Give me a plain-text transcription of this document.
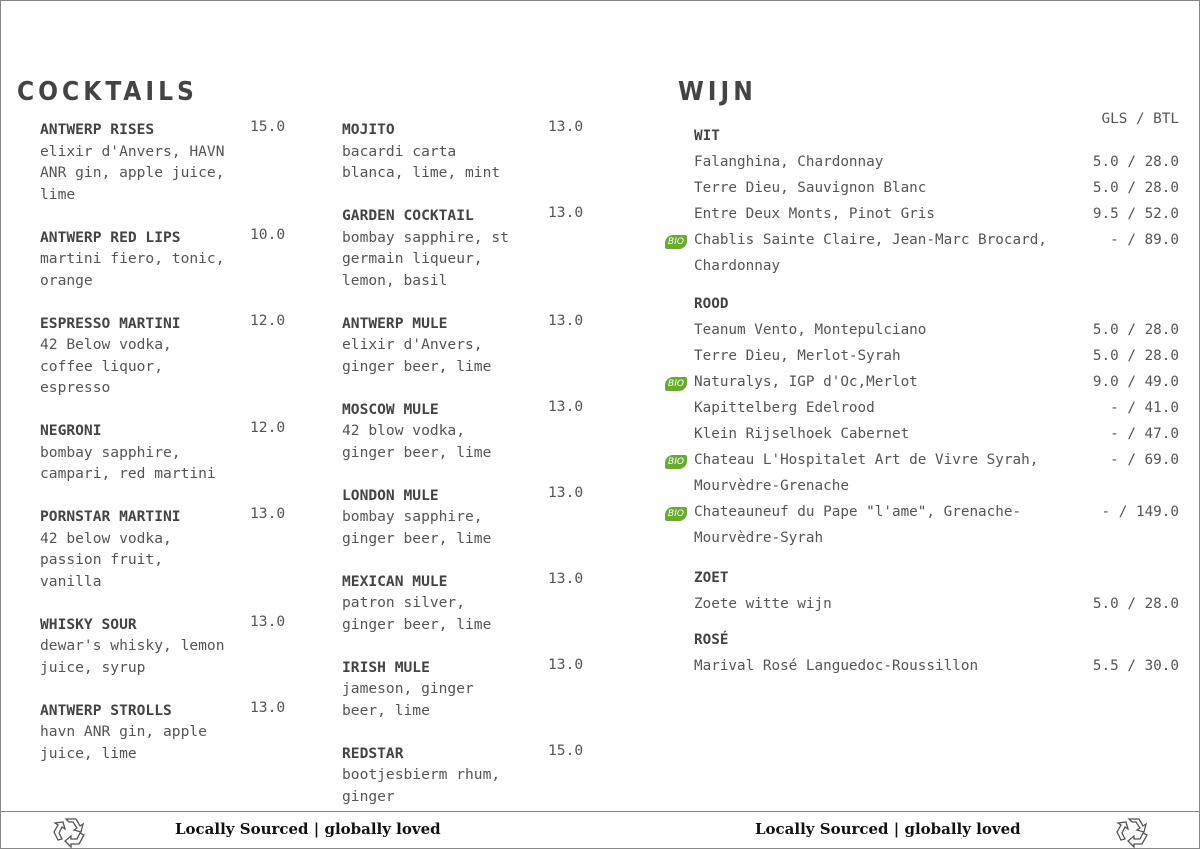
COCKTAILS
ANTWERP RISES	15.0
elixir d'Anvers, HAVN ANR gin, apple juice, lime
ANTWERP RED LIPS	10.0
martini fiero, tonic, orange
ESPRESSO MARTINI	12.0
42 Below vodka, coffee liquor, espresso
NEGRONI	12.0
bombay sapphire, campari, red martini
PORNSTAR MARTINI	13.0
42 below vodka, passion fruit, vanilla
WHISKY SOUR	13.0
dewar's whisky, lemon juice, syrup
ANTWERP STROLLS	13.0
havn ANR gin, apple juice, lime
MOJITO	13.0
bacardi carta blanca, lime, mint
GARDEN COCKTAIL	13.0
bombay sapphire, st germain liqueur, lemon, basil
ANTWERP MULE	13.0
elixir d'Anvers, ginger beer, lime
MOSCOW MULE	13.0
42 blow vodka, ginger beer, lime
LONDON MULE	13.0
bombay sapphire, ginger beer, lime
MEXICAN MULE	13.0
patron silver, ginger beer, lime
IRISH MULE	13.0
jameson, ginger beer, lime
REDSTAR	15.0
bootjesbierm rhum, ginger
WIJN
GLS / BTL
WIT
Falanghina, Chardonnay	5.0 / 28.0
Terre Dieu, Sauvignon Blanc	5.0 / 28.0
Entre Deux Monts, Pinot Gris	9.5 / 52.0
BIO Chablis Sainte Claire, Jean-Marc Brocard, Chardonnay
- / 89.0
ROOD
Teanum Vento, Montepulciano	5.0 / 28.0
Terre Dieu, Merlot-Syrah	5.0 / 28.0
BIO Naturalys, IGP d'Oc,Merlot	9.0 / 49.0
Kapittelberg Edelrood	- / 41.0
Klein Rijselhoek Cabernet	- / 47.0
BIO Chateau L'Hospitalet Art de Vivre Syrah, Mourvèdre-Grenache
- / 69.0
BIO Chateauneuf du Pape "l'ame", Grenache-Mourvèdre-Syrah
- / 149.0
ZOET
Zoete witte wijn	5.0 / 28.0
ROSÉ
Marival Rosé Languedoc-Roussillon	5.5 / 30.0
Locally Sourced | globally loved	Locally Sourced | globally loved
